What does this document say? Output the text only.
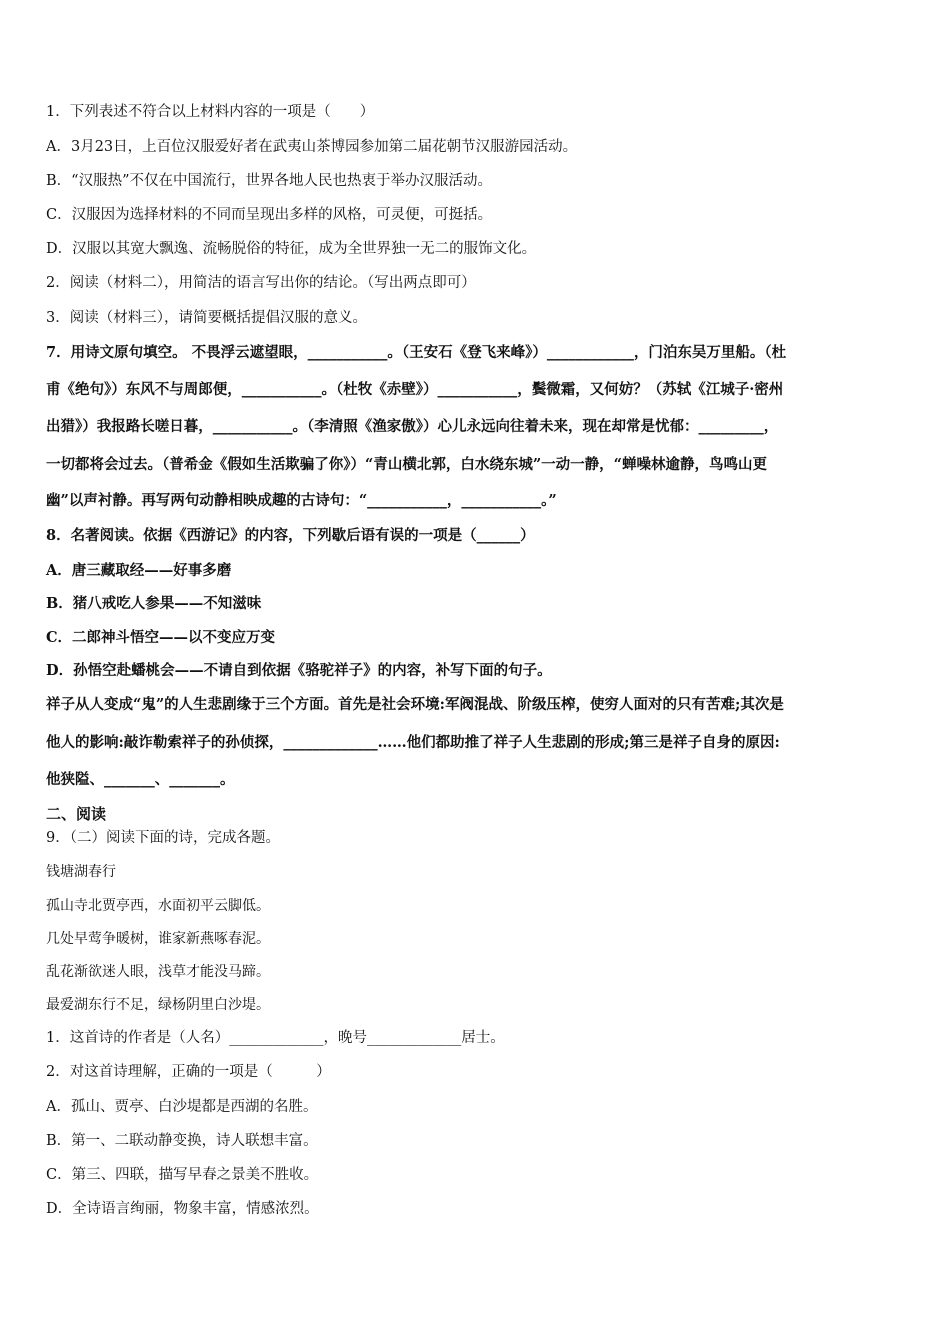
1．下列表述不符合以上材料内容的一项是（　　）
A．3月23日，上百位汉服爱好者在武夷山茶博园参加第二届花朝节汉服游园活动。
B．“汉服热”不仅在中国流行，世界各地人民也热衷于举办汉服活动。
C．汉服因为选择材料的不同而呈现出多样的风格，可灵便，可挺括。
D．汉服以其宽大飘逸、流畅脱俗的特征，成为全世界独一无二的服饰文化。
2．阅读（材料二），用简洁的语言写出你的结论。（写出两点即可）
3．阅读（材料三），请简要概括提倡汉服的意义。
7．用诗文原句填空。 不畏浮云遮望眼，___________。（王安石《登飞来峰》）____________，门泊东吴万里船。（杜
甫《绝句》）东风不与周郎便，___________。（杜牧《赤壁》）___________，鬓微霜，又何妨？（苏轼《江城子·密州
出猎》）我报路长嗟日暮，___________。（李清照《渔家傲》）心儿永远向往着未来，现在却常是忧郁：_________，
一切都将会过去。（普希金《假如生活欺骗了你》）“青山横北郭，白水绕东城”一动一静，“蝉噪林逾静，鸟鸣山更
幽”以声衬静。再写两句动静相映成趣的古诗句：“___________，___________。”
8．名著阅读。依据《西游记》的内容，下列歇后语有误的一项是（______）
A．唐三藏取经——好事多磨
B．猪八戒吃人参果——不知滋味
C．二郎神斗悟空——以不变应万变
D．孙悟空赴蟠桃会——不请自到依据《骆驼祥子》的内容，补写下面的句子。
祥子从人变成“鬼”的人生悲剧缘于三个方面。首先是社会环境:军阀混战、阶级压榨，使穷人面对的只有苦难;其次是
他人的影响:敲诈勒索祥子的孙侦探，_____________……他们都助推了祥子人生悲剧的形成;第三是祥子自身的原因:
他狭隘、_______、_______。
二、阅读
9．（二）阅读下面的诗，完成各题。
钱塘湖春行
孤山寺北贾亭西，水面初平云脚低。
几处早莺争暖树，谁家新燕啄春泥。
乱花渐欲迷人眼，浅草才能没马蹄。
最爱湖东行不足，绿杨阴里白沙堤。
1．这首诗的作者是（人名）_____________，晚号_____________居士。
2．对这首诗理解，正确的一项是（　　　）
A．孤山、贾亭、白沙堤都是西湖的名胜。
B．第一、二联动静变换，诗人联想丰富。
C．第三、四联，描写早春之景美不胜收。
D．全诗语言绚丽，物象丰富，情感浓烈。
